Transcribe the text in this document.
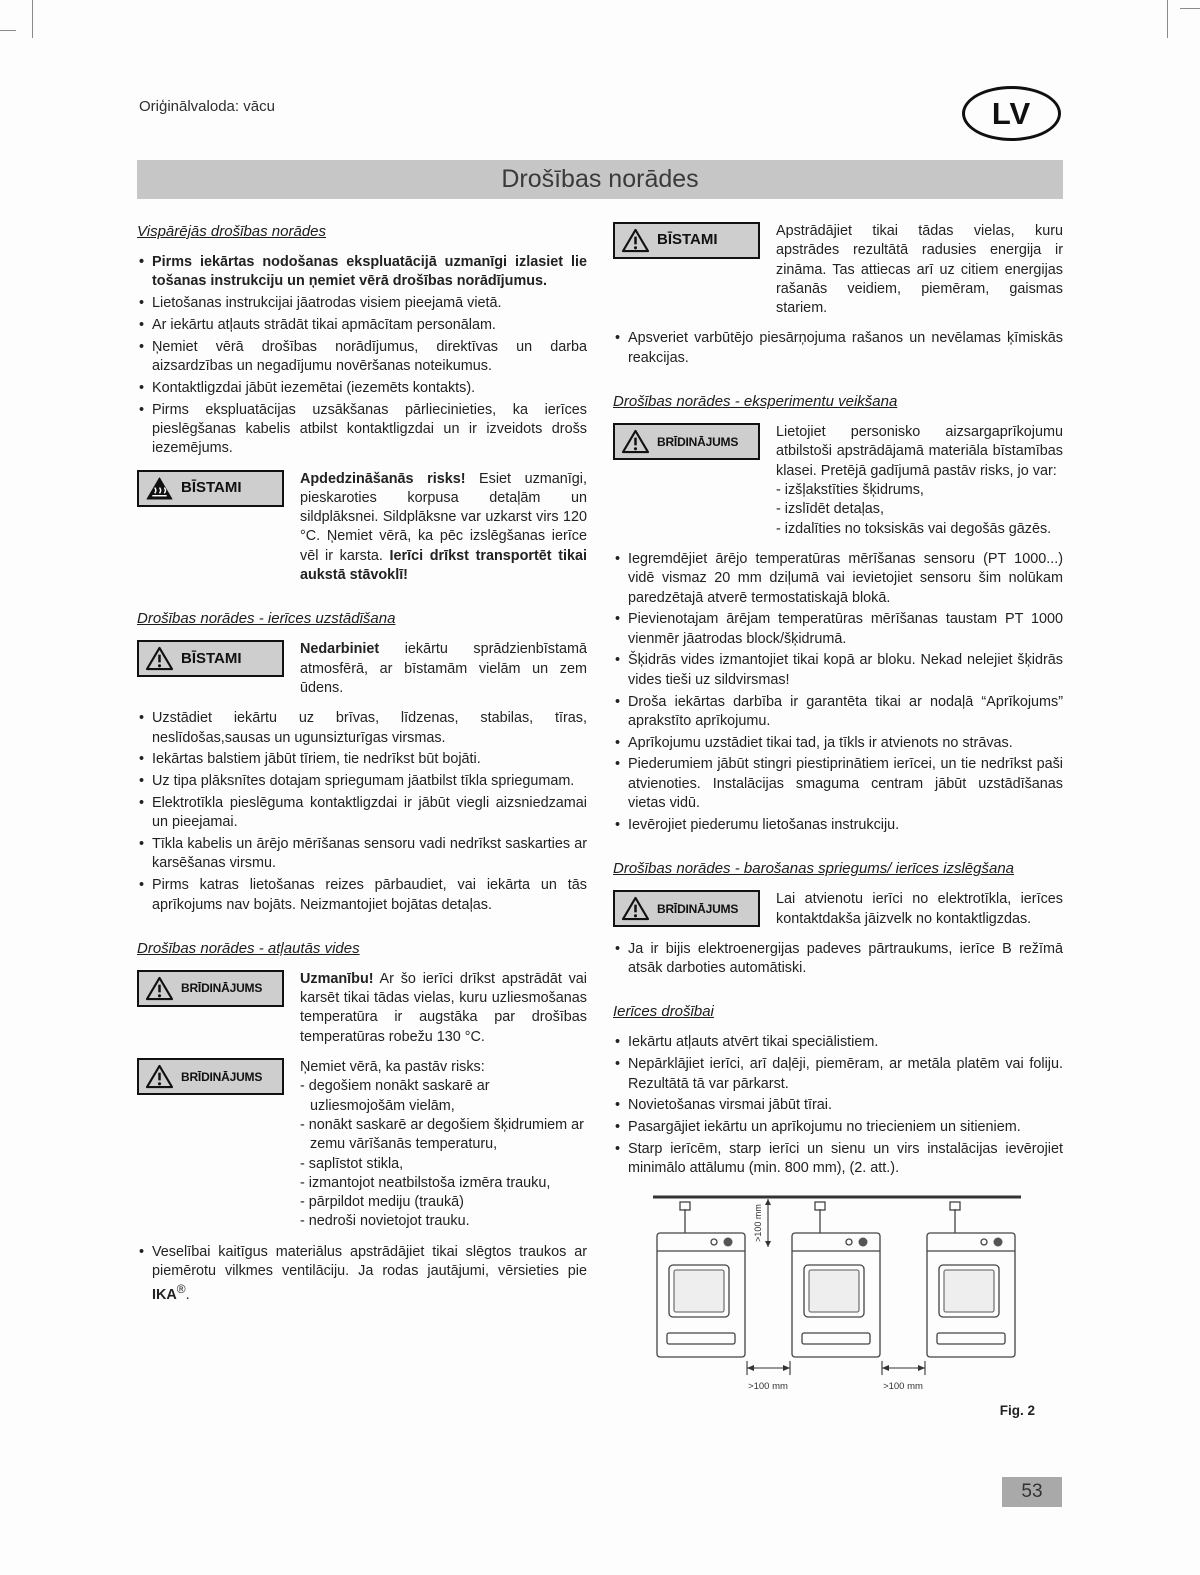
Oriģinālvaloda: vācu	LV
Drošības norādes
Vispārējās drošības norādes
• Pirms iekārtas nodošanas ekspluatācijā uzmanīgi izlasiet lie tošanas instrukciju un ņemiet vērā drošības norādījumus.
• Lietošanas instrukcijai jāatrodas visiem pieejamā vietā.
• Ar iekārtu atļauts strādāt tikai apmācītam personālam.
• Ņemiet vērā drošības norādījumus, direktīvas un darba aizsardzības un negadījumu novēršanas noteikumus.
• Kontaktligzdai jābūt iezemētai (iezemēts kontakts).
• Pirms ekspluatācijas uzsākšanas pārliecinieties, ka ierīces pieslēgšanas kabelis atbilst kontaktligzdai un ir izveidots drošs iezemējums.
BĪSTAMI
Apdedzināšanās risks! Esiet uzmanīgi, pieskaroties korpusa detaļām un sildplāksnei. Sildplāksne var uzkarst virs 120 °C. Ņemiet vērā, ka pēc izslēgšanas ierīce vēl ir karsta. Ierīci drīkst transportēt tikai aukstā stāvoklī!
Drošības norādes - ierīces uzstādīšana
BĪSTAMI
Nedarbiniet iekārtu sprādzienbīstamā atmosfērā, ar bīstamām vielām un zem ūdens.
• Uzstādiet iekārtu uz brīvas, līdzenas, stabilas, tīras, neslīdošas,sausas un ugunsizturīgas virsmas.
• Iekārtas balstiem jābūt tīriem, tie nedrīkst būt bojāti.
• Uz tipa plāksnītes dotajam spriegumam jāatbilst tīkla spriegumam.
• Elektrotīkla pieslēguma kontaktligzdai ir jābūt viegli aizsniedzamai un pieejamai.
• Tīkla kabelis un ārējo mērīšanas sensoru vadi nedrīkst saskarties ar karsēšanas virsmu.
• Pirms katras lietošanas reizes pārbaudiet, vai iekārta un tās aprīkojums nav bojāts. Neizmantojiet bojātas detaļas.
Drošības norādes - atļautās vides
BRĪDINĀJUMS
Uzmanību! Ar šo ierīci drīkst apstrādāt vai karsēt tikai tādas vielas, kuru uzliesmošanas temperatūra ir augstāka par drošības temperatūras robežu 130 °C.
BRĪDINĀJUMS
Ņemiet vērā, ka pastāv risks:
- degošiem nonākt saskarē ar uzliesmojošām vielām,
- nonākt saskarē ar degošiem šķidrumiem ar zemu vārīšanās temperaturu,
- saplīstot stikla,
- izmantojot neatbilstoša izmēra trauku,
- pārpildot mediju (traukā)
- nedroši novietojot trauku.
• Veselībai kaitīgus materiālus apstrādājiet tikai slēgtos traukos ar piemērotu vilkmes ventilāciju. Ja rodas jautājumi, vērsieties pie IKA®.
BĪSTAMI
Apstrādājiet tikai tādas vielas, kuru apstrādes rezultātā radusies energija ir zināma. Tas attiecas arī uz citiem energijas rašanās veidiem, piemēram, gaismas stariem.
• Apsveriet varbūtējo piesārņojuma rašanos un nevēlamas ķīmiskās reakcijas.
Drošības norādes - eksperimentu veikšana
BRĪDINĀJUMS
Lietojiet personisko aizsargaprīkojumu atbilstoši apstrādājamā materiāla bīstamības klasei. Pretējā gadījumā pastāv risks, jo var:
- izšļakstīties šķidrums,
- izslīdēt detaļas,
- izdalīties no toksiskās vai degošās gāzēs.
• Iegremdējiet ārējo temperatūras mērīšanas sensoru (PT 1000...) vidē vismaz 20 mm dziļumā vai ievietojiet sensoru šim nolūkam paredzētajā atverē termostatiskajā blokā.
• Pievienotajam ārējam temperatūras mērīšanas taustam PT 1000 vienmēr jāatrodas block/šķidrumā.
• Šķidrās vides izmantojiet tikai kopā ar bloku. Nekad nelejiet šķidrās vides tieši uz sildvirsmas!
• Droša iekārtas darbība ir garantēta tikai ar nodaļā “Aprīkojums” aprakstīto aprīkojumu.
• Aprīkojumu uzstādiet tikai tad, ja tīkls ir atvienots no strāvas.
• Piederumiem jābūt stingri piestiprinātiem ierīcei, un tie nedrīkst paši atvienoties. Instalācijas smaguma centram jābūt uzstādīšanas vietas vidū.
• Ievērojiet piederumu lietošanas instrukciju.
Drošības norādes - barošanas spriegums/ ierīces izslēgšana
BRĪDINĀJUMS
Lai atvienotu ierīci no elektrotīkla, ierīces kontaktdakša jāizvelk no kontaktligzdas.
• Ja ir bijis elektroenergijas padeves pārtraukums, ierīce B režīmā atsāk darboties automātiski.
Ierīces drošībai
• Iekārtu atļauts atvērt tikai speciālistiem.
• Nepārklājiet ierīci, arī daļēji, piemēram, ar metāla platēm vai foliju. Rezultātā tā var pārkarst.
• Novietošanas virsmai jābūt tīrai.
• Pasargājiet iekārtu un aprīkojumu no triecieniem un sitieniem.
• Starp ierīcēm, starp ierīci un sienu un virs instalācijas ievērojiet minimālo attālumu (min. 800 mm), (2. att.).
>100 mm
>100 mm	>100 mm
Fig. 2
53
